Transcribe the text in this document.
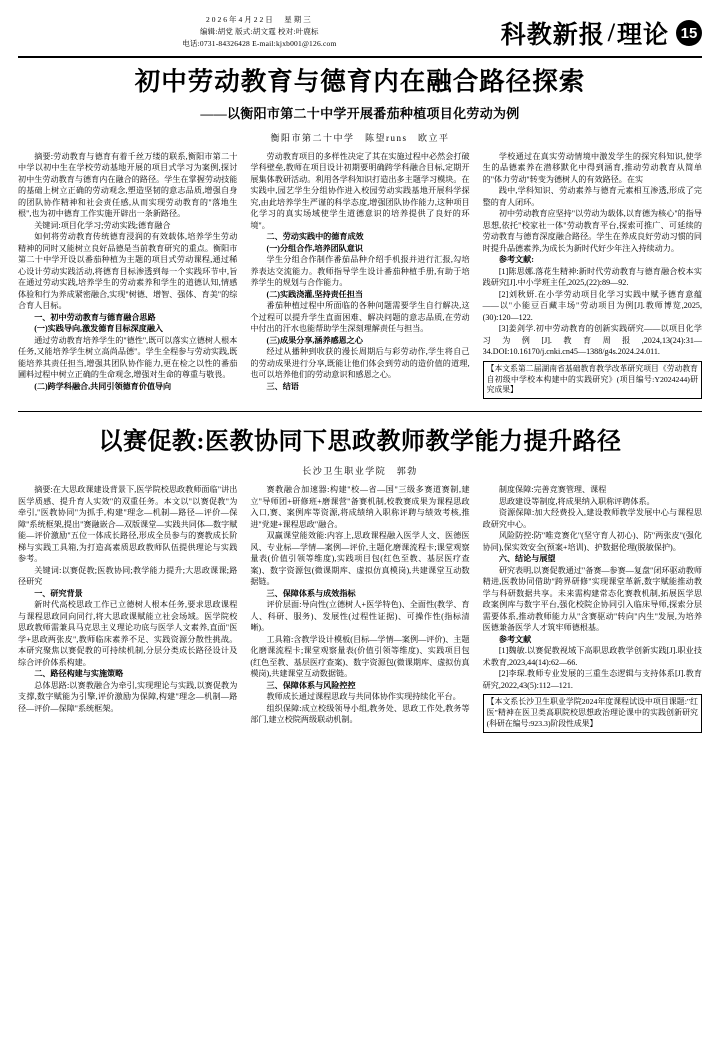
2026年4月22日　星期三
编辑:胡党 版式:胡文霆 校对:叶鹿标
电话:0731-84326428 E-mail:kjxb001@126.com	科教新报 / 理论 15
初中劳动教育与德育内在融合路径探索
——以衡阳市第二十中学开展番茄种植项目化劳动为例
衡阳市第二十中学　陈望runs　欧立平

摘要:劳动教育与德育有着千丝万缕的联系,衡阳市第二十中学以初中生在学校劳动基地开展的项目式学习为案例,探讨初中生劳动教育与德育内在融合的路径。学生在掌握劳动技能的基础上树立正确的劳动观念,塑造坚韧的意志品质,增强自身的团队协作精神和社会责任感,从而实现劳动教育的"落地生根",也为初中德育工作实施开辟出一条新路径。

关键词:项目化学习;劳动实践;德育融合

如何将劳动教育传统德育浸润的有效载体,培养学生劳动精神的同时又能树立良好品德是当前教育研究的重点。衡阳市第二十中学开设以番茄种植为主题的项目式劳动课程,通过稀心设计劳动实践活动,将德育目标渗透到每一个实践环节中,旨在通过劳动实践,培养学生的劳动素养和学生的道德认知,情感体验和行为养成紧密融合,实现"树德、增智、强体、育美"的综合育人目标。

一、初中劳动教育与德育融合思路

(一)实践导向,激发德育目标深度融入

通过劳动教育培养学生的"德性",既可以落实立德树人根本任务,又能培养学生树立高尚品德"。学生全程参与劳动实践,既能培养其责任担当,增强其团队协作能力,更在检之以性的番茄圃料过程中树立正确的生命观念,增强对生命的尊重与敬畏。

(二)跨学科融合,共同引领德育价值导向

劳动教育项目的多样性决定了其在实施过程中必然会打破学科壁垒,教师在项目设计初期要明确跨学科融合目标,定期开展集体教研活动。利用各学科知识打造出多主题学习模块。在实践中,园艺学生分组协作进入校园劳动实践基地开展科学探究,由此培养学生严谨的科学态度,增强团队协作能力,这种项目化学习的真实场域使学生道德意识的培养提供了良好的环境"。

二、劳动实践中的德育成效

(一)分组合作,培养团队意识

学生分组合作制作番茄品种介绍手机报并进行汇报,勾培养表达交流能力。教师指导学生设计番茄种植手册,有助于培养学生的规划与合作能力。

(二)实践浇灌,坚持责任担当

番茄种植过程中所面临的各种问题需要学生自行解决,这个过程可以提升学生直面困难、解决问题的意志品质,在劳动中付出的汗水也能帮助学生深刻理解责任与担当。

(三)成果分享,涵养感恩之心

经过从播种到收获的漫长周期后与彩劳动作,学生将自己的劳动成果进行分享,既能让他们体会到劳动的造价值的道理,也可以培养他们的劳动意识和感恩之心。

三、结语

学校通过在真实劳动情境中激发学生的探究科知识,使学生的品德素养在潜移默化中得到涵育,推动劳动教育从简单的"体力劳动"转变为德树人的有效路径。在实

践中,学科知识、劳动素养与德育元素相互渗透,形成了完整的育人闭环。

初中劳动教育应坚持"以劳动为载体,以育德为核心"的指导思想,依托"校家社一体"劳动教育平台,探索可推广、可延续的劳动教育与德育深度融合路径。学生在养成良好劳动习惯的同时提升品德素养,为成长为新时代好少年注入持续动力。

参考文献:

[1]陈思娜.落花生精神:新时代劳动教育与德育融合校本实践研究[J].中小学班主任,2025,(22):89—92.

[2]刘秋妍.在小学劳动项目化学习实践中赋予德育意蕴——以"小能豆百藏丰场"劳动项目为例[J].教师博览,2025,(30):120—122.

[3]姜剑学.初中劳动教育的创新实践研究——以项目化学习为例[J].教育周报,2024,13(24):31—34.DOI:10.16170/j.cnki.cn45—1388/g4s.2024.24.011.

【本文系第二届湖南省基础教育教学改革研究项目《劳动教育自初级中学校本构建中的实践研究》(项目编号:Y2024244)研究成果】
以赛促教:医教协同下思政教师教学能力提升路径
长沙卫生职业学院　郭勃

摘要:在大思政课建设背景下,医学院校思政教师面临"讲出医学质感、提升育人实效"的双重任务。本文以"以赛促教"为牵引,"医教协同"为抓手,构建"理念—机制—路径—评价—保障"系统框架,提出"赛融嵌合—双版课堂—实践共同体—数字赋能—评价激励"五位一体成长路径,形成全员参与的赛教成长阶梯与实践工具箱,为打造高素质思政教师队伍提供理论与实践参考。

关键词:以赛促教;医教协同;教学能力提升;大思政课课;路径研究

一、研究背景

新时代高校思政工作已立德树人根本任务,要求思政课程与课程思政同向同行,将大思政课赋能立社会场域。医学院校思政教师需兼具马克思主义理论功底与医学人文素养,直面"医学+思政两张皮",教师临床素养不足、实践资源分散性挑战。本研究聚焦以赛促教的可持续机制,分层分类成长路径设计及综合评价体系构建。

二、路径构建与实施策略

总体思路:以赛教融合为牵引,实现理论与实践,以赛促教为支撑,数字赋能为引擎,评价激励为保障,构建"理念—机制—路径—评价—保障"系统框架。

赛教融合加速器:构建"校—省—国"三级多赛道赛制,建立"导师团+研修班+磨课营"备赛机制,校教赛成果为课程思政入口,赛、案例库等资源,将成绩纳入职称评聘与绩效考核,推进"党建+课程思政"融合。

双赢课堂能效能:内容上,思政课程融入医学人文、医德医风、专业标—学情—案例—评价,主题化磨课流程卡;课堂观察量表(价值引领等维度),实践项目包(红色至教、基层医疗查案)、数字资源包(微课期库、虚拟仿真模岗),共建课堂互动数据链。

三、保障体系与成效指标

评价层面:导向性(立德树人+医学特色)、全面性(教学、育人、科研、服务)、发展性(过程性证据)、可操作性(指标清晰)。

工具箱:含教学设计模板(目标—学情—案例—评价)、主题化磨课流程卡;课堂观察量表(价值引领等维度)、实践项目包(红色至教、基层医疗查案)、数字资源包(微课期库、虚拟仿真模岗),共建课堂互动数据链。

三、保障体系与风险控控

教师成长通过课程思政与共同体协作实现持续化平台。

组织保障:成立校级领导小组,教务处、思政工作处,教务等部门,建立校院两级联动机制。

制度保障:完善竞赛管理、课程

思政建设等制度,将成果纳入职称评聘体系。

资源保障:加大经费投入,建设教师教学发展中心与课程思政研究中心。

风险防控:防"唯竞赛化"(坚守育人初心)、防"两张皮"(强化协同),保实效安全(预案+培训)、护数据伦理(脱敏保护)。

六、结论与展望

研究表明,以赛促教通过"备赛—参赛—复盘"闭环驱动教师精进,医教协同借助"跨界研修"实现课堂革新,数字赋能推动教学与科研数据共享。未来需构建常态化赛教机制,拓展医学思政案例库与数字平台,强化校院企协同引入临床导师,探索分层需要体系,推动教师能力从"含赛驱动"转向"内生"发展,为培养医德兼备医学人才筑牢师德根基。

参考文献

[1]魏敏.以赛促教视域下高职思政教学创新实践[J].职业技术教育,2023,44(14):62—66.

[2]李琛.教师专业发展的三重生态逻辑与支持体系[J].教育研究,2022,43(5):112—121.

【本文系长沙卫生职业学院2024年度课程试设中项目课题:"红医"精神在医卫类高职院校思想政治理论课中的实践创新研究(科研在编号:923.3)阶段性成果】
